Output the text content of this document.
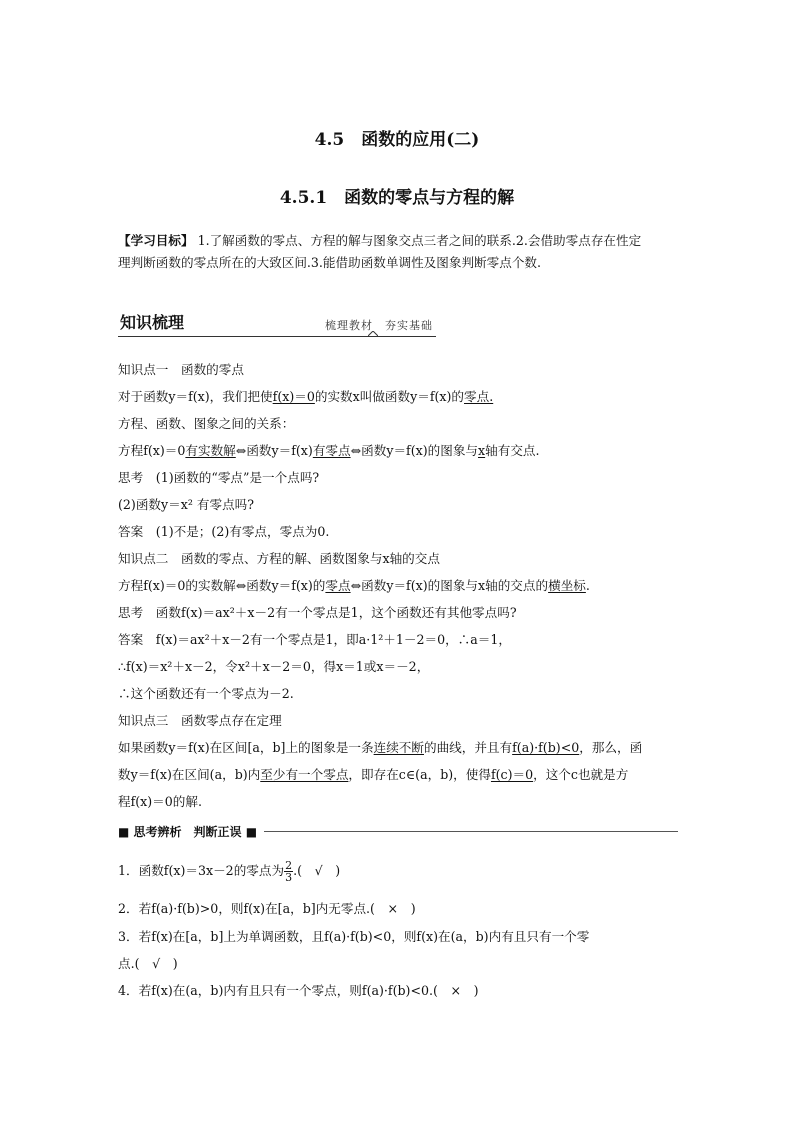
4.5　函数的应用(二)
4.5.1　函数的零点与方程的解
【学习目标】 1.了解函数的零点、方程的解与图象交点三者之间的联系.2.会借助零点存在性定
理判断函数的零点所在的大致区间.3.能借助函数单调性及图象判断零点个数.
知识梳理	梳理教材　夯实基础
知识点一　函数的零点
对于函数y＝f(x)，我们把使f(x)＝0的实数x叫做函数y＝f(x)的零点.
方程、函数、图象之间的关系：
方程f(x)＝0有实数解⇔函数y＝f(x)有零点⇔函数y＝f(x)的图象与x轴有交点.
思考　(1)函数的“零点”是一个点吗?
(2)函数y＝x² 有零点吗?
答案　(1)不是；(2)有零点，零点为0.
知识点二　函数的零点、方程的解、函数图象与x轴的交点
方程f(x)＝0的实数解⇔函数y＝f(x)的零点⇔函数y＝f(x)的图象与x轴的交点的横坐标.
思考　函数f(x)＝ax²＋x－2有一个零点是1，这个函数还有其他零点吗?
答案　f(x)＝ax²＋x－2有一个零点是1，即a·1²＋1－2＝0，∴a＝1，
∴f(x)＝x²＋x－2，令x²＋x－2＝0，得x＝1或x＝－2，
∴这个函数还有一个零点为－2.
知识点三　函数零点存在定理
如果函数y＝f(x)在区间[a，b]上的图象是一条连续不断的曲线，并且有f(a)·f(b)<0，那么，函
数y＝f(x)在区间(a，b)内至少有一个零点，即存在c∈(a，b)，使得f(c)＝0，这个c也就是方
程f(x)＝0的解.
■ 思考辨析　判断正误 ■
1．函数f(x)＝3x－2的零点为 $\frac{2}{3}$ .(　√　)
2．若f(a)·f(b)>0，则f(x)在[a，b]内无零点.(　×　)
3．若f(x)在[a，b]上为单调函数，且f(a)·f(b)<0，则f(x)在(a，b)内有且只有一个零
点.(　√　)
4．若f(x)在(a，b)内有且只有一个零点，则f(a)·f(b)<0.(　×　)
